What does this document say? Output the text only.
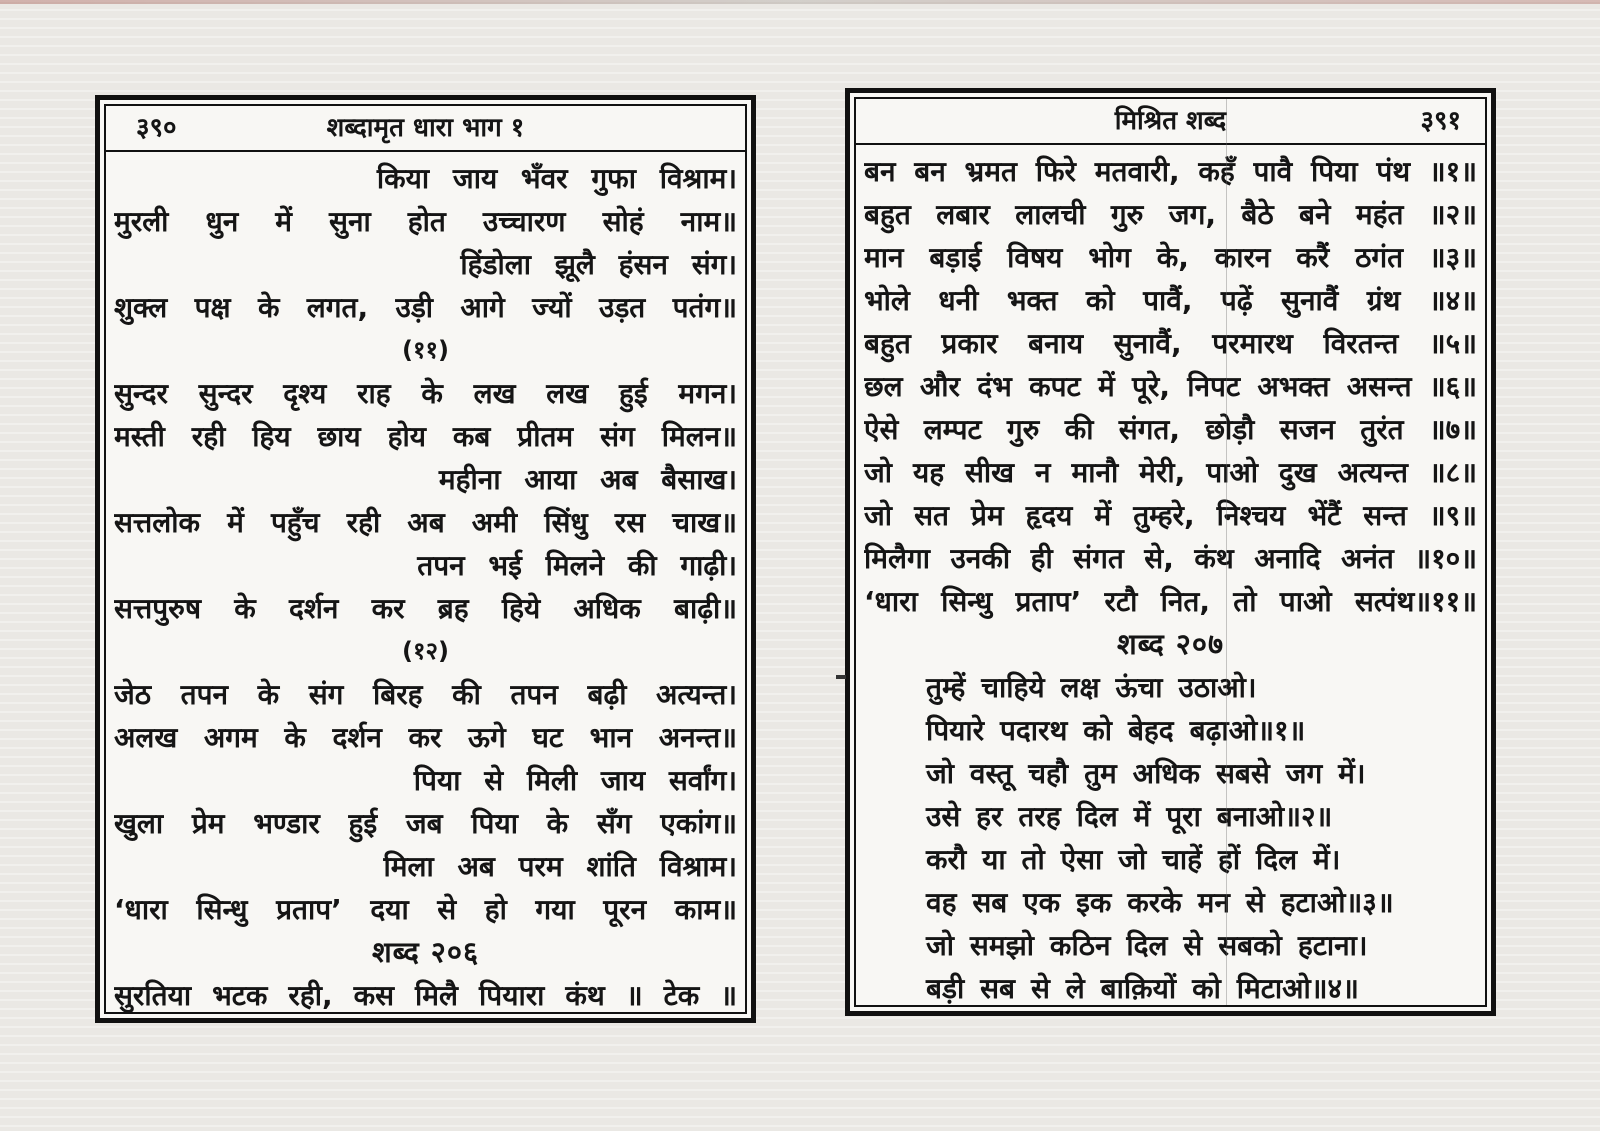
३९०	शब्दामृत धारा भाग १
किया जाय भँवर गुफा विश्राम।
मुरली धुन में सुना होत उच्चारण सोहं नाम॥
हिंडोला झूलै हंसन संग।
शुक्ल पक्ष के लगत, उड़ी आगे ज्यों उड़त पतंग॥
(११)
सुन्दर सुन्दर दृश्य राह के लख लख हुई मगन।
मस्ती रही हिय छाय होय कब प्रीतम संग मिलन॥
महीना आया अब बैसाख।
सत्तलोक में पहुँच रही अब अमी सिंधु रस चाख॥
तपन भई मिलने की गाढ़ी।
सत्तपुरुष के दर्शन कर ब्रह हिये अधिक बाढ़ी॥
(१२)
जेठ तपन के संग बिरह की तपन बढ़ी अत्यन्त।
अलख अगम के दर्शन कर ऊगे घट भान अनन्त॥
पिया से मिली जाय सर्वांग।
खुला प्रेम भण्डार हुई जब पिया के सँग एकांग॥
मिला अब परम शांति विश्राम।
‘धारा सिन्धु प्रताप’ दया से हो गया पूरन काम॥
शब्द २०६
सुरतिया भटक रही, कस मिलै पियारा कंथ ॥ टेक ॥
मिश्रित शब्द	३९१
बन बन भ्रमत फिरे मतवारी, कहँ पावै पिया पंथ ॥१॥
बहुत लबार लालची गुरु जग, बैठे बने महंत ॥२॥
मान बड़ाई विषय भोग के, कारन करैं ठगंत ॥३॥
भोले धनी भक्त को पावैं, पढ़ें सुनावैं ग्रंथ ॥४॥
बहुत प्रकार बनाय सुनावैं, परमारथ विरतन्त ॥५॥
छल और दंभ कपट में पूरे, निपट अभक्त असन्त ॥६॥
ऐसे लम्पट गुरु की संगत, छोड़ौ सजन तुरंत ॥७॥
जो यह सीख न मानौ मेरी, पाओ दुख अत्यन्त ॥८॥
जो सत प्रेम हृदय में तुम्हरे, निश्चय भेंटैं सन्त ॥९॥
मिलैगा उनकी ही संगत से, कंथ अनादि अनंत ॥१०॥
‘धारा सिन्धु प्रताप’ रटौ नित, तो पाओ सत्पंथ॥११॥
शब्द २०७
तुम्हें चाहिये लक्ष ऊंचा उठाओ।
पियारे पदारथ को बेहद बढ़ाओ॥१॥
जो वस्तू चहौ तुम अधिक सबसे जग में।
उसे हर तरह दिल में पूरा बनाओ॥२॥
करौ या तो ऐसा जो चाहें हों दिल में।
वह सब एक इक करके मन से हटाओ॥३॥
जो समझो कठिन दिल से सबको हटाना।
बड़ी सब से ले बाक़ियों को मिटाओ॥४॥
